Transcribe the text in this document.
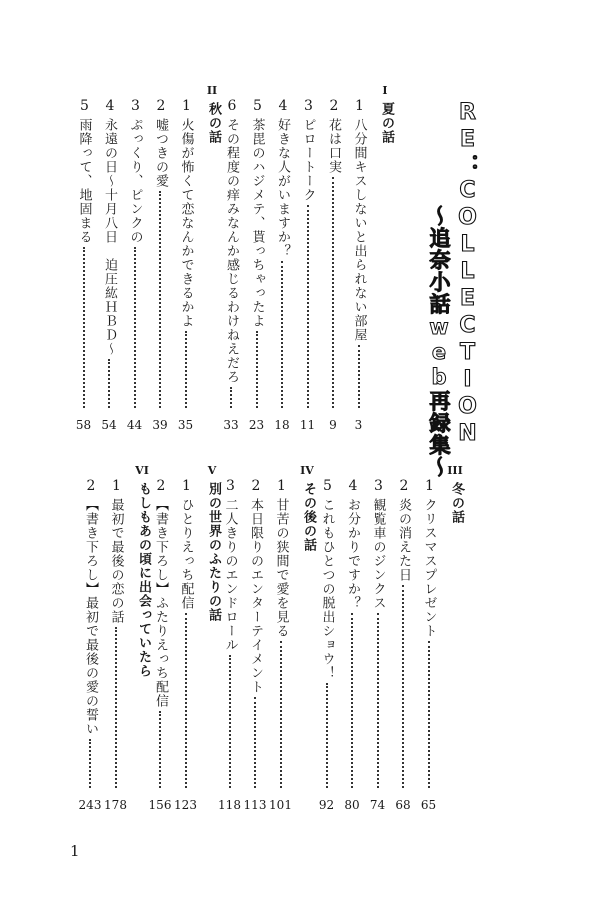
RE：COLLECTION
〜追奈小話web再録集〜
I
夏の話
1
八分間キスしないと出られない部屋
3
2
花は口実
9
3
ピロートーク
11
4
好きな人がいますか？
18
5
茶毘のハジメテ、貰っちゃったよ
23
6
その程度の痒みなんか感じるわけねえだろ
33
II
秋の話
1
火傷が怖くて恋なんかできるかよ
35
2
嘘つきの愛
39
3
ぷっくり、ピンクの
44
4
永遠の日〜十月八日　迫圧紘ＨＢＤ〜
54
5
雨降って、地固まる
58
III
冬の話
1
クリスマスプレゼント
65
2
炎の消えた日
68
3
観覧車のジンクス
74
4
お分かりですか？
80
5
これもひとつの脱出ショウ！
92
IV
その後の話
1
甘苦の狭間で愛を見る
101
2
本日限りのエンターテイメント
113
3
二人きりのエンドロール
118
V
別の世界のふたりの話
1
ひとりえっち配信
123
2
【書き下ろし】ふたりえっち配信
156
VI
もしもあの頃に出会っていたら
1
最初で最後の恋の話
178
2
【書き下ろし】最初で最後の愛の誓い
243
1
